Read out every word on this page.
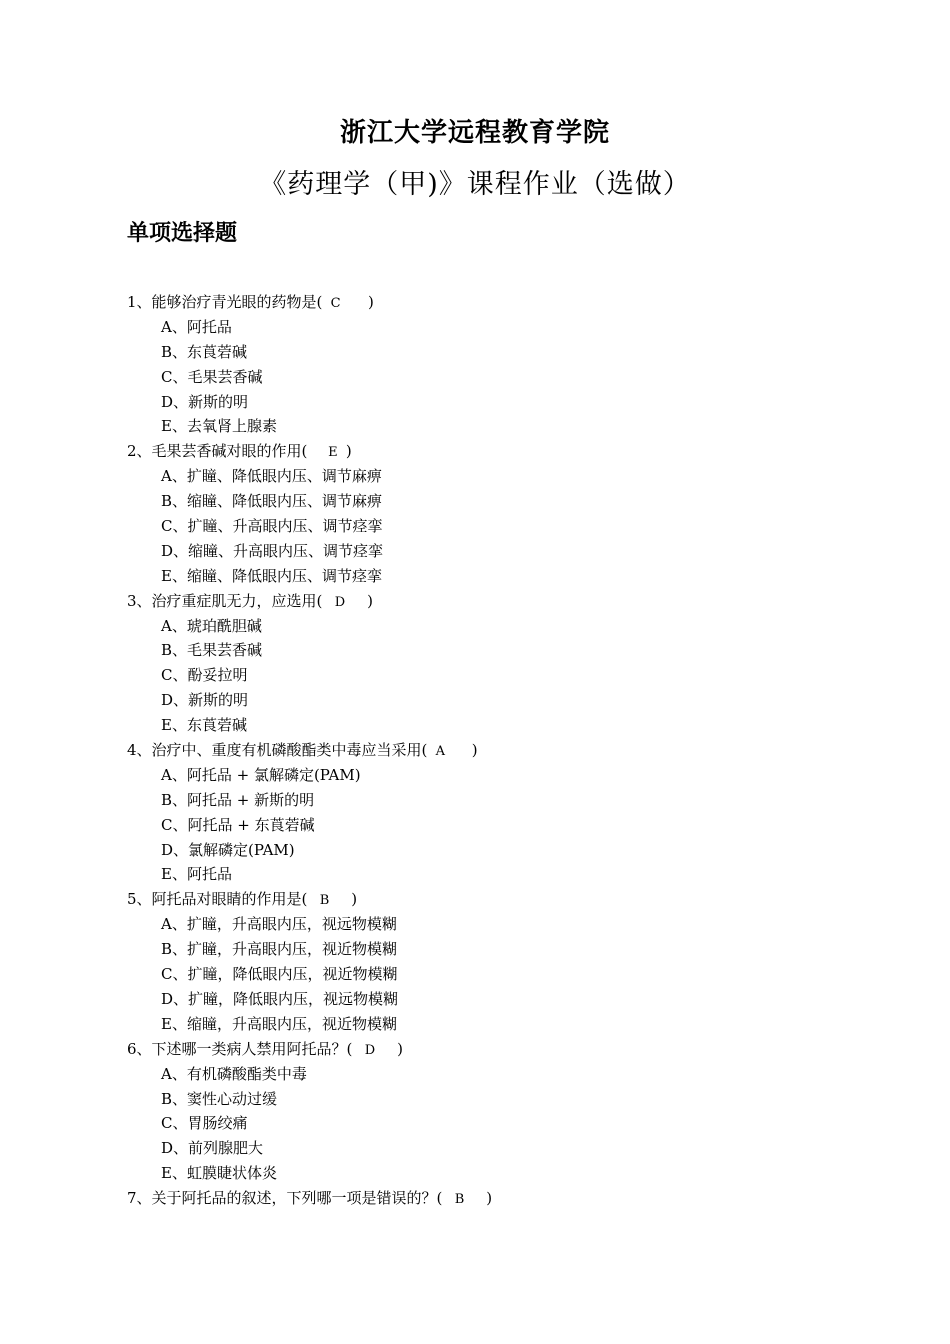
浙江大学远程教育学院
《药理学（甲)》课程作业（选做）
单项选择题
1、能够治疗青光眼的药物是(  C      )
A、阿托品
B、东莨菪碱
C、毛果芸香碱
D、新斯的明
E、去氧肾上腺素
2、毛果芸香碱对眼的作用(     E  )
A、扩瞳、降低眼内压、调节麻痹
B、缩瞳、降低眼内压、调节麻痹
C、扩瞳、升高眼内压、调节痉挛
D、缩瞳、升高眼内压、调节痉挛
E、缩瞳、降低眼内压、调节痉挛
3、治疗重症肌无力，应选用(   D     )
A、琥珀酰胆碱
B、毛果芸香碱
C、酚妥拉明
D、新斯的明
E、东莨菪碱
4、治疗中、重度有机磷酸酯类中毒应当采用(  A      )
A、阿托品 + 氯解磷定(PAM)
B、阿托品 + 新斯的明
C、阿托品 + 东莨菪碱
D、氯解磷定(PAM)
E、阿托品
5、阿托品对眼睛的作用是(   B     )
A、扩瞳，升高眼内压，视远物模糊
B、扩瞳，升高眼内压，视近物模糊
C、扩瞳，降低眼内压，视近物模糊
D、扩瞳，降低眼内压，视远物模糊
E、缩瞳，升高眼内压，视近物模糊
6、下述哪一类病人禁用阿托品？(   D     )
A、有机磷酸酯类中毒
B、窦性心动过缓
C、胃肠绞痛
D、前列腺肥大
E、虹膜睫状体炎
7、关于阿托品的叙述，下列哪一项是错误的？(   B     )
